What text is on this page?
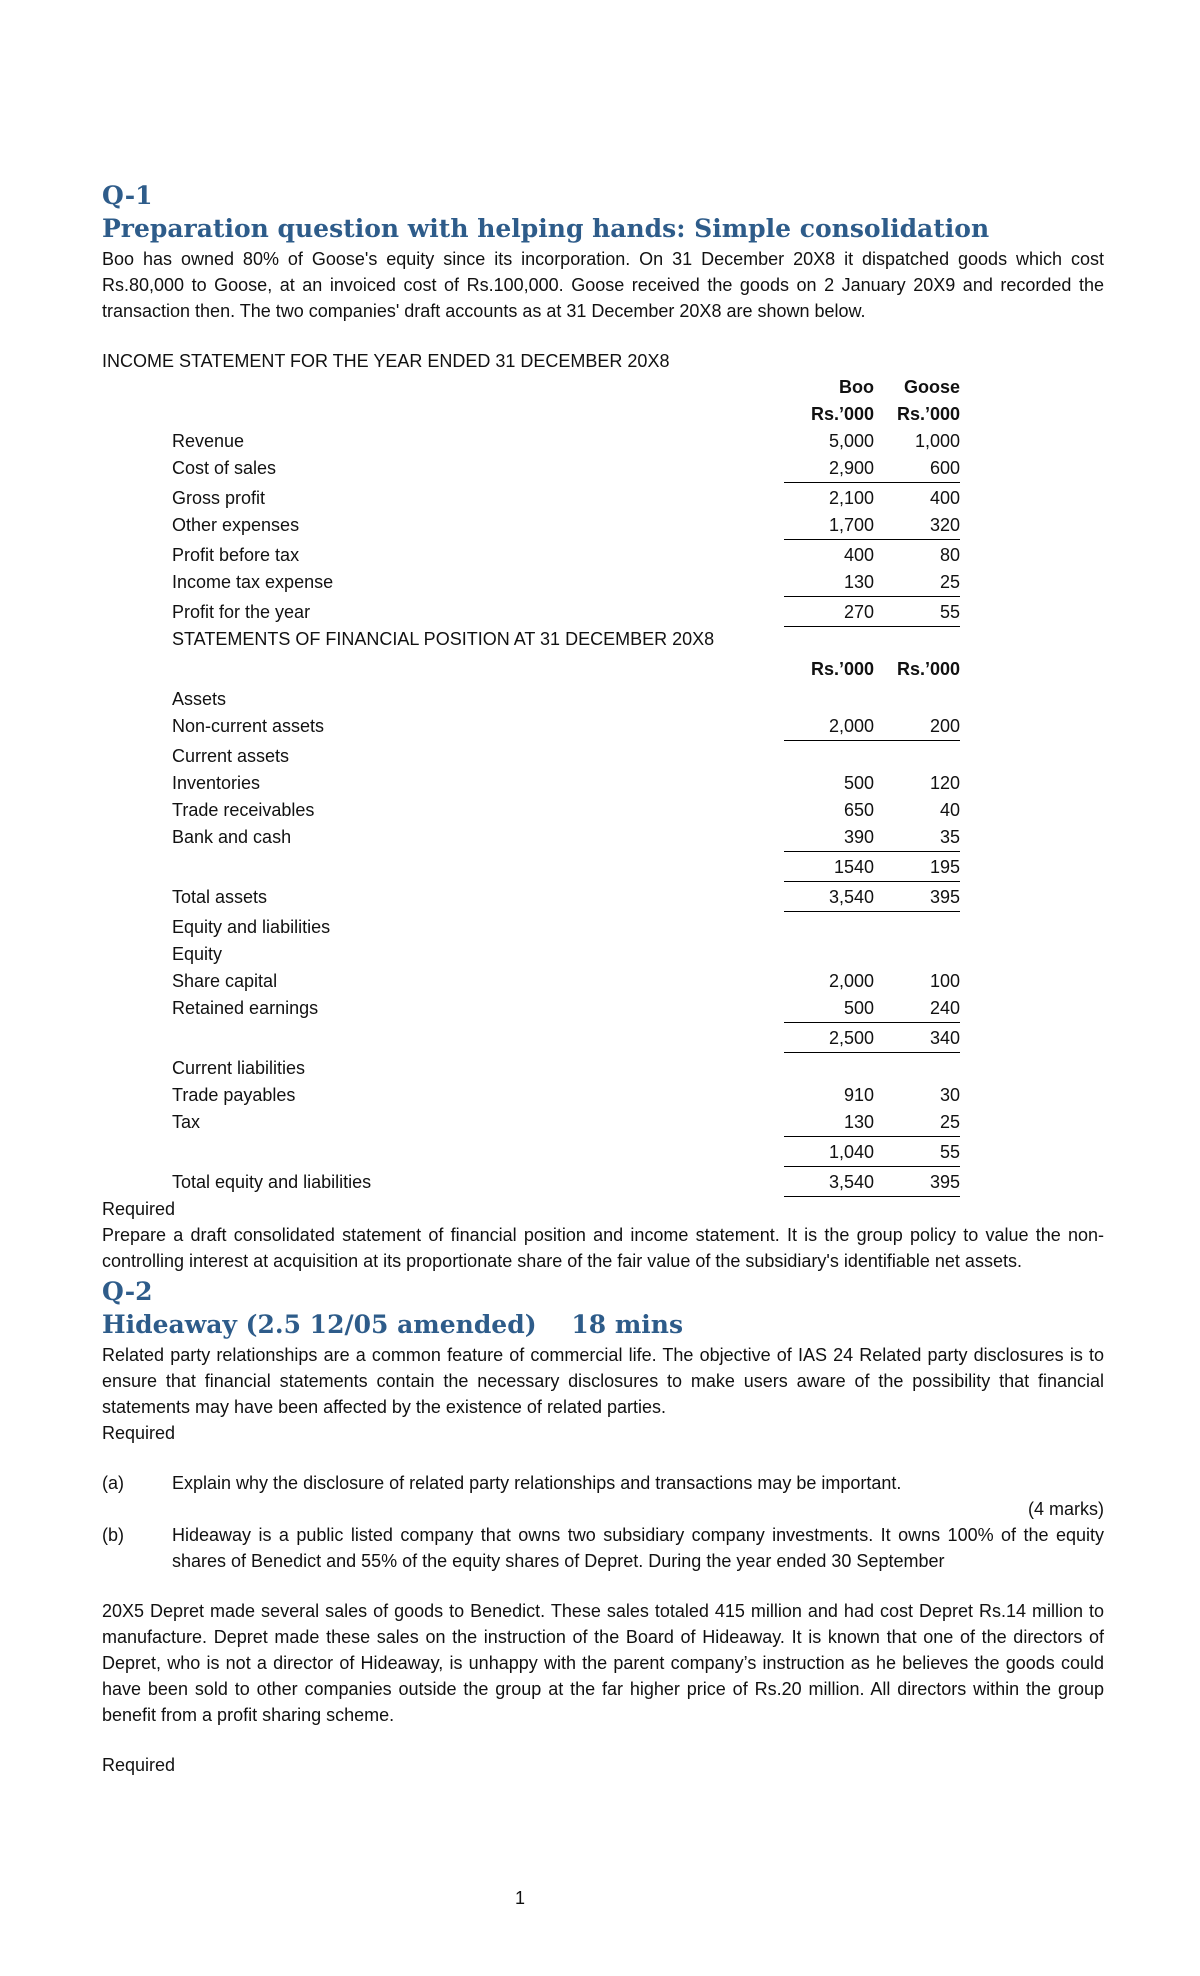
Q-1

Preparation question with helping hands: Simple consolidation

Boo has owned 80% of Goose's equity since its incorporation. On 31 December 20X8 it dispatched goods which cost Rs.80,000 to Goose, at an invoiced cost of Rs.100,000. Goose received the goods on 2 January 20X9 and recorded the transaction then. The two companies' draft accounts as at 31 December 20X8 are shown below.

INCOME STATEMENT FOR THE YEAR ENDED 31 DECEMBER 20X8

Boo	Goose
Rs.’000	Rs.’000
Revenue	5,000	1,000
Cost of sales	2,900	600
Gross profit	2,100	400
Other expenses	1,700	320
Profit before tax	400	80
Income tax expense	130	25
Profit for the year	270	55
STATEMENTS OF FINANCIAL POSITION AT 31 DECEMBER 20X8
Rs.’000	Rs.’000
Assets
Non-current assets	2,000	200
Current assets
Inventories	500	120
Trade receivables	650	40
Bank and cash	390	35
1540	195
Total assets	3,540	395
Equity and liabilities
Equity
Share capital	2,000	100
Retained earnings	500	240
2,500	340
Current liabilities
Trade payables	910	30
Tax	130	25
1,040	55
Total equity and liabilities	3,540	395

Required

Prepare a draft consolidated statement of financial position and income statement. It is the group policy to value the non-controlling interest at acquisition at its proportionate share of the fair value of the subsidiary's identifiable net assets.

Q-2

Hideaway (2.5 12/05 amended)    18 mins

Related party relationships are a common feature of commercial life. The objective of IAS 24 Related party disclosures is to ensure that financial statements contain the necessary disclosures to make users aware of the possibility that financial statements may have been affected by the existence of related parties.

Required

(a)	Explain why the disclosure of related party relationships and transactions may be important.
(4 marks)
(b)	Hideaway is a public listed company that owns two subsidiary company investments. It owns 100% of the equity shares of Benedict and 55% of the equity shares of Depret. During the year ended 30 September

20X5 Depret made several sales of goods to Benedict. These sales totaled 415 million and had cost Depret Rs.14 million to manufacture. Depret made these sales on the instruction of the Board of Hideaway. It is known that one of the directors of Depret, who is not a director of Hideaway, is unhappy with the parent company’s instruction as he believes the goods could have been sold to other companies outside the group at the far higher price of Rs.20 million. All directors within the group benefit from a profit sharing scheme.

Required

1
